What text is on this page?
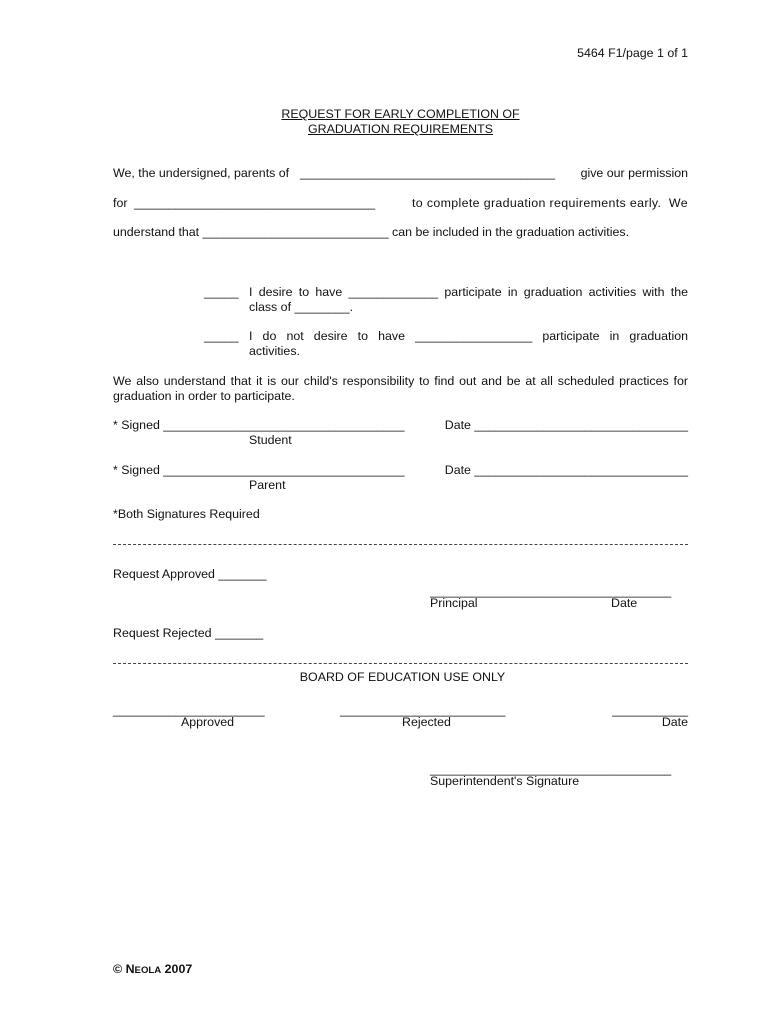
5464 F1/page 1 of 1
REQUEST FOR EARLY COMPLETION OF
GRADUATION REQUIREMENTS
We, the undersigned, parents of _____________________________________ give our permission
for ___________________________________	to complete graduation requirements early.  We
understand that ___________________________ can be included in the graduation activities.
_____ I desire to have _____________ participate in graduation activities with the
class of ________.
_____ I do not desire to have _________________ participate in graduation
activities.
We also understand that it is our child's responsibility to find out and be at all scheduled practices for
graduation in order to participate.
* Signed ___________________________________	Date _______________________________
Student
* Signed ___________________________________	Date _______________________________
Parent
*Both Signatures Required
Request Approved _______
___________________________________
Principal	Date
Request Rejected _______
BOARD OF EDUCATION USE ONLY
______________________
Approved
________________________
Rejected
___________
Date
___________________________________
Superintendent's Signature
© NEOLA 2007
